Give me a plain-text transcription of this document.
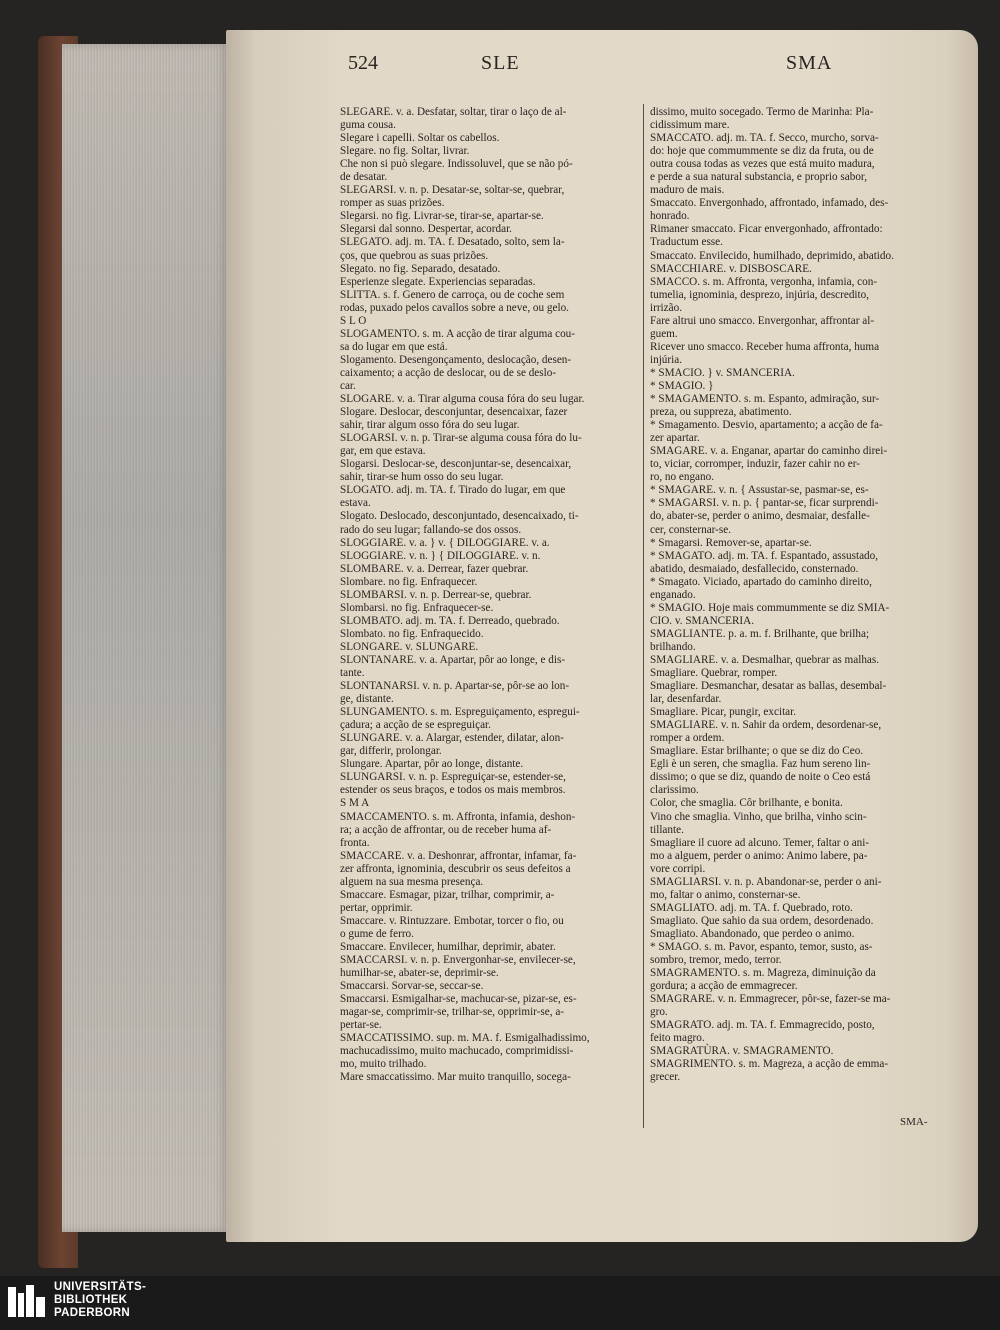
524	SLE	SMA
SLEGARE. v. a. Desfatar, soltar, tirar o laço de al-
guma cousa.
Slegare i capelli. Soltar os cabellos.
Slegare. no fig. Soltar, livrar.
Che non si può slegare. Indissoluvel, que se não pó-
de desatar.
SLEGARSI. v. n. p. Desatar-se, soltar-se, quebrar,
romper as suas prizões.
Slegarsi. no fig. Livrar-se, tirar-se, apartar-se.
Slegarsi dal sonno. Despertar, acordar.
SLEGATO. adj. m. TA. f. Desatado, solto, sem la-
ços, que quebrou as suas prizões.
Slegato. no fig. Separado, desatado.
Esperienze slegate. Experiencias separadas.
SLITTA. s. f. Genero de carroça, ou de coche sem
rodas, puxado pelos cavallos sobre a neve, ou gelo.
S L O
SLOGAMENTO. s. m. A acção de tirar alguma cou-
sa do lugar em que está.
Slogamento. Desengonçamento, deslocação, desen-
caixamento; a acção de deslocar, ou de se deslo-
car.
SLOGARE. v. a. Tirar alguma cousa fóra do seu lugar.
Slogare. Deslocar, desconjuntar, desencaixar, fazer
sahir, tirar algum osso fóra do seu lugar.
SLOGARSI. v. n. p. Tirar-se alguma cousa fóra do lu-
gar, em que estava.
Slogarsi. Deslocar-se, desconjuntar-se, desencaixar,
sahir, tirar-se hum osso do seu lugar.
SLOGATO. adj. m. TA. f. Tirado do lugar, em que
estava.
Slogato. Deslocado, desconjuntado, desencaixado, ti-
rado do seu lugar; fallando-se dos ossos.
SLOGGIARE. v. a. } v. { DILOGGIARE. v. a.
SLOGGIARE. v. n. } { DILOGGIARE. v. n.
SLOMBARE. v. a. Derrear, fazer quebrar.
Slombare. no fig. Enfraquecer.
SLOMBARSI. v. n. p. Derrear-se, quebrar.
Slombarsi. no fig. Enfraquecer-se.
SLOMBATO. adj. m. TA. f. Derreado, quebrado.
Slombato. no fig. Enfraquecido.
SLONGARE. v. SLUNGARE.
SLONTANARE. v. a. Apartar, pôr ao longe, e dis-
tante.
SLONTANARSI. v. n. p. Apartar-se, pôr-se ao lon-
ge, distante.
SLUNGAMENTO. s. m. Espreguiçamento, espregui-
çadura; a acção de se espreguiçar.
SLUNGARE. v. a. Alargar, estender, dilatar, alon-
gar, differir, prolongar.
Slungare. Apartar, pôr ao longe, distante.
SLUNGARSI. v. n. p. Espreguiçar-se, estender-se,
estender os seus braços, e todos os mais membros.
S M A
SMACCAMENTO. s. m. Affronta, infamia, deshon-
ra; a acção de affrontar, ou de receber huma af-
fronta.
SMACCARE. v. a. Deshonrar, affrontar, infamar, fa-
zer affronta, ignominia, descubrir os seus defeitos a
alguem na sua mesma presença.
Smaccare. Esmagar, pizar, trilhar, comprimir, a-
pertar, opprimir.
Smaccare. v. Rintuzzare. Embotar, torcer o fio, ou
o gume de ferro.
Smaccare. Envilecer, humilhar, deprimir, abater.
SMACCARSI. v. n. p. Envergonhar-se, envilecer-se,
humilhar-se, abater-se, deprimir-se.
Smaccarsi. Sorvar-se, seccar-se.
Smaccarsi. Esmigalhar-se, machucar-se, pizar-se, es-
magar-se, comprimir-se, trilhar-se, opprimir-se, a-
pertar-se.
SMACCATISSIMO. sup. m. MA. f. Esmigalhadissimo,
machucadissimo, muito machucado, comprimidissi-
mo, muito trilhado.
Mare smaccatissimo. Mar muito tranquillo, socega-
dissimo, muito socegado. Termo de Marinha: Pla-
cidissimum mare.
SMACCATO. adj. m. TA. f. Secco, murcho, sorva-
do: hoje que commummente se diz da fruta, ou de
outra cousa todas as vezes que está muito madura,
e perde a sua natural substancia, e proprio sabor,
maduro de mais.
Smaccato. Envergonhado, affrontado, infamado, des-
honrado.
Rimaner smaccato. Ficar envergonhado, affrontado:
Traductum esse.
Smaccato. Envilecido, humilhado, deprimido, abatido.
SMACCHIARE. v. DISBOSCARE.
SMACCO. s. m. Affronta, vergonha, infamia, con-
tumelia, ignominia, desprezo, injúria, descredito,
irrizão.
Fare altrui uno smacco. Envergonhar, affrontar al-
guem.
Ricever uno smacco. Receber huma affronta, huma
injúria.
* SMACIO. } v. SMANCERIA.
* SMAGIO. }
* SMAGAMENTO. s. m. Espanto, admiração, sur-
preza, ou suppreza, abatimento.
* Smagamento. Desvio, apartamento; a acção de fa-
zer apartar.
SMAGARE. v. a. Enganar, apartar do caminho direi-
to, viciar, corromper, induzir, fazer cahir no er-
ro, no engano.
* SMAGARE. v. n. { Assustar-se, pasmar-se, es-
* SMAGARSI. v. n. p. { pantar-se, ficar surprendi-
do, abater-se, perder o animo, desmaiar, desfalle-
cer, consternar-se.
* Smagarsi. Remover-se, apartar-se.
* SMAGATO. adj. m. TA. f. Espantado, assustado,
abatido, desmaiado, desfallecido, consternado.
* Smagato. Viciado, apartado do caminho direito,
enganado.
* SMAGIO. Hoje mais commummente se diz SMIA-
CIO. v. SMANCERIA.
SMAGLIANTE. p. a. m. f. Brilhante, que brilha;
brilhando.
SMAGLIARE. v. a. Desmalhar, quebrar as malhas.
Smagliare. Quebrar, romper.
Smagliare. Desmanchar, desatar as ballas, desembal-
lar, desenfardar.
Smagliare. Picar, pungir, excitar.
SMAGLIARE. v. n. Sahir da ordem, desordenar-se,
romper a ordem.
Smagliare. Estar brilhante; o que se diz do Ceo.
Egli è un seren, che smaglia. Faz hum sereno lin-
dissimo; o que se diz, quando de noite o Ceo está
clarissimo.
Color, che smaglia. Côr brilhante, e bonita.
Vino che smaglia. Vinho, que brilha, vinho scin-
tillante.
Smagliare il cuore ad alcuno. Temer, faltar o ani-
mo a alguem, perder o animo: Animo labere, pa-
vore corripi.
SMAGLIARSI. v. n. p. Abandonar-se, perder o ani-
mo, faltar o animo, consternar-se.
SMAGLIATO. adj. m. TA. f. Quebrado, roto.
Smagliato. Que sahio da sua ordem, desordenado.
Smagliato. Abandonado, que perdeo o animo.
* SMAGO. s. m. Pavor, espanto, temor, susto, as-
sombro, tremor, medo, terror.
SMAGRAMENTO. s. m. Magreza, diminuição da
gordura; a acção de emmagrecer.
SMAGRARE. v. n. Emmagrecer, pôr-se, fazer-se ma-
gro.
SMAGRATO. adj. m. TA. f. Emmagrecido, posto,
feito magro.
SMAGRATÙRA. v. SMAGRAMENTO.
SMAGRIMENTO. s. m. Magreza, a acção de emma-
grecer.
SMA-
UNIVERSITÄTS-
BIBLIOTHEK
PADERBORN
